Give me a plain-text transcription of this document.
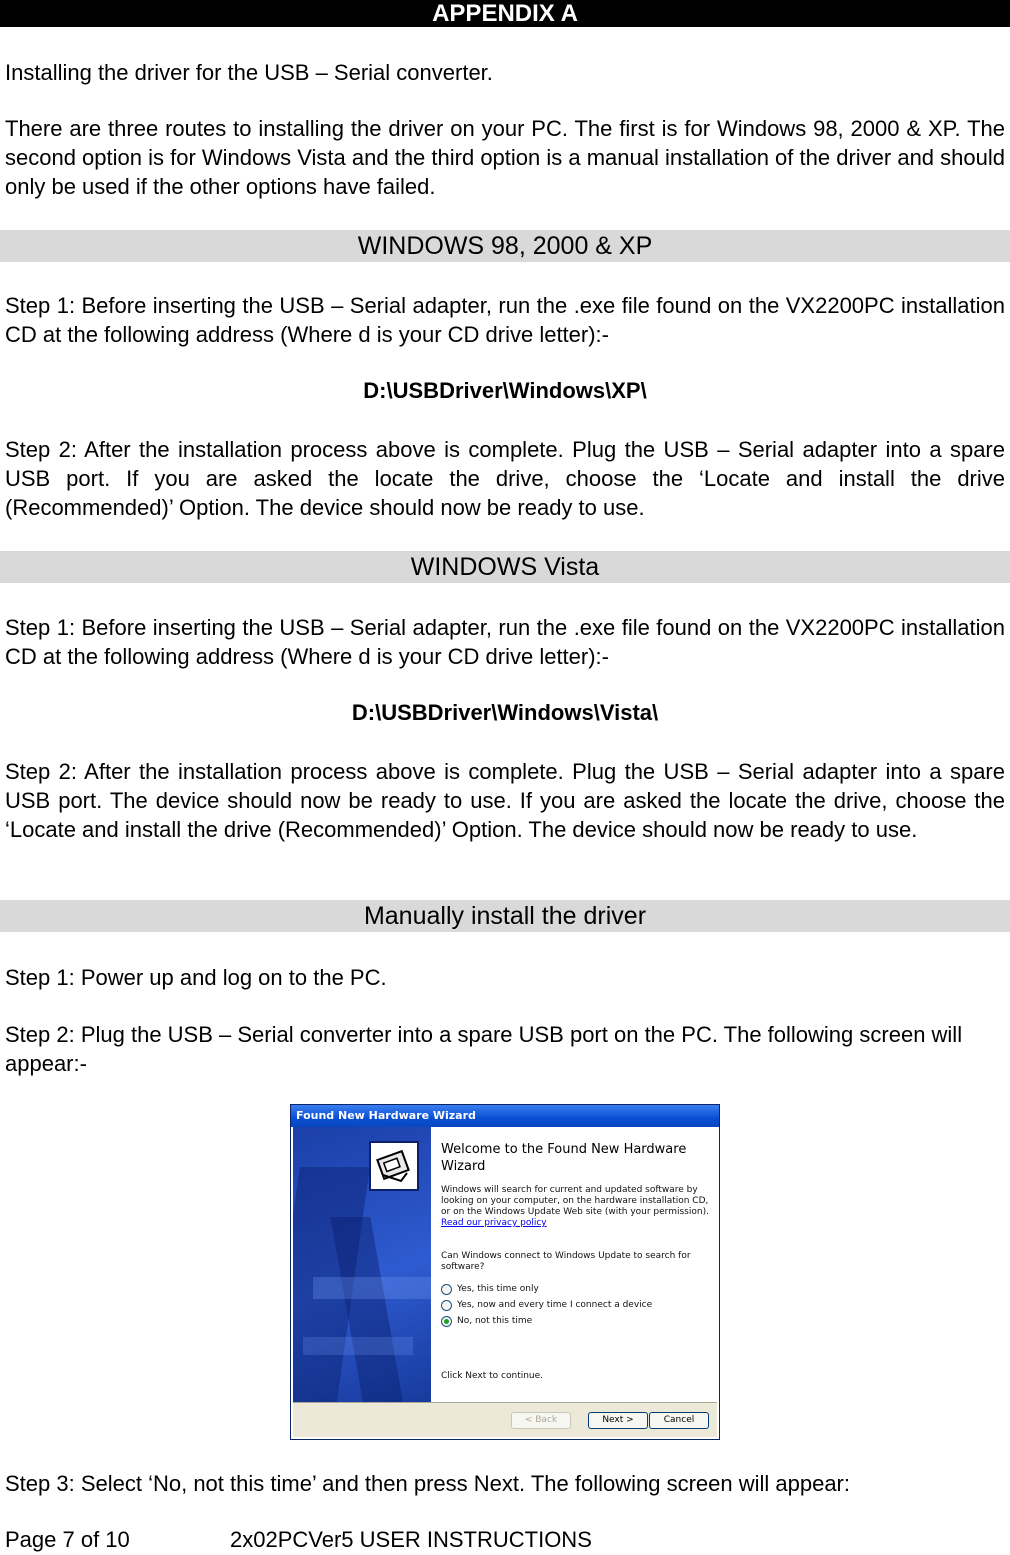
APPENDIX A
Installing the driver for the USB – Serial converter.
There are three routes to installing the driver on your PC. The first is for Windows 98, 2000 & XP. The second option is for Windows Vista and the third option is a manual installation of the driver and should only be used if the other options have failed.
WINDOWS 98, 2000 & XP
Step 1: Before inserting the USB – Serial adapter, run the .exe file found on the VX2200PC installation CD at the following address (Where d is your CD drive letter):-
D:\USBDriver\Windows\XP\
Step 2: After the installation process above is complete. Plug the USB – Serial adapter into a spare USB port. If you are asked the locate the drive, choose the ‘Locate and install the drive (Recommended)’ Option. The device should now be ready to use.
WINDOWS Vista
Step 1: Before inserting the USB – Serial adapter, run the .exe file found on the VX2200PC installation CD at the following address (Where d is your CD drive letter):-
D:\USBDriver\Windows\Vista\
Step 2: After the installation process above is complete. Plug the USB – Serial adapter into a spare USB port. The device should now be ready to use. If you are asked the locate the drive, choose the ‘Locate and install the drive (Recommended)’ Option. The device should now be ready to use.
Manually install the driver
Step 1: Power up and log on to the PC.
Step 2: Plug the USB – Serial converter into a spare USB port on the PC. The following screen will appear:-
Found New Hardware Wizard
Welcome to the Found New Hardware Wizard
Windows will search for current and updated software by looking on your computer, on the hardware installation CD, or on the Windows Update Web site (with your permission).
Read our privacy policy
Can Windows connect to Windows Update to search for software?
Yes, this time only
Yes, now and every time I connect a device
No, not this time
Click Next to continue.
< Back	Next >	Cancel
Step 3: Select ‘No, not this time’ and then press Next. The following screen will appear:
Page 7 of 10	2x02PCVer5 USER INSTRUCTIONS
